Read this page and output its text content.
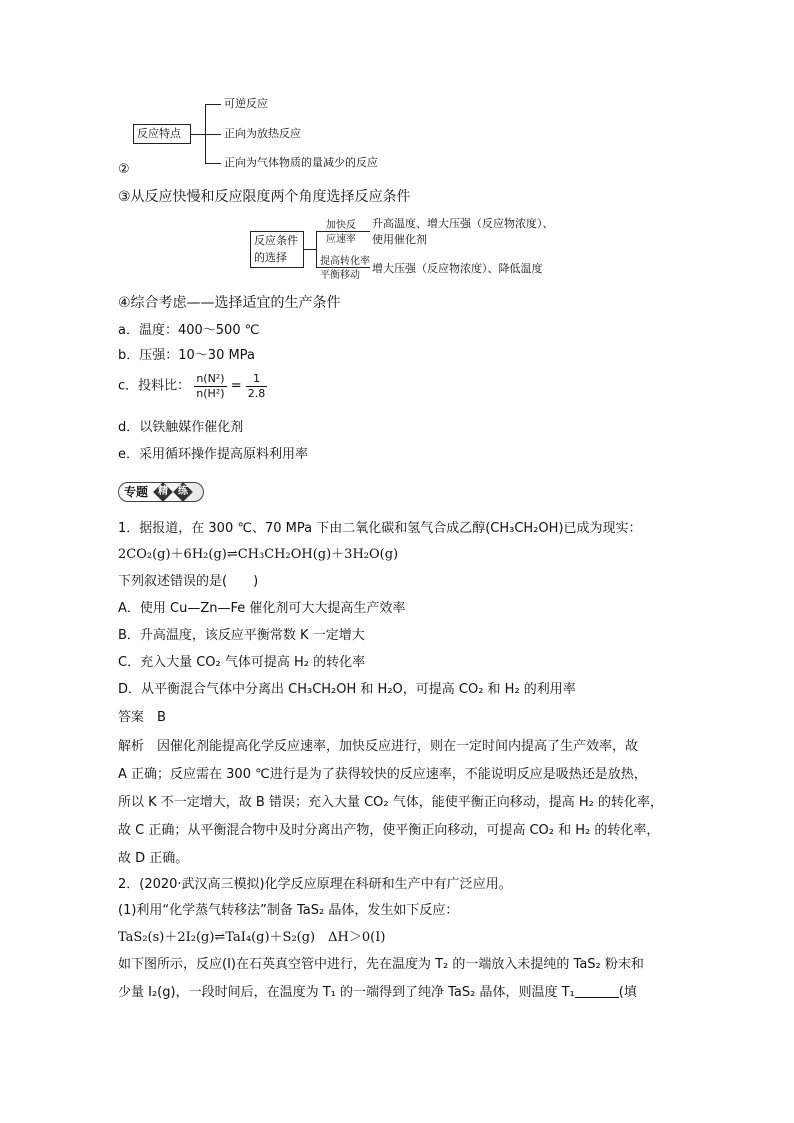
反应特点
可逆反应
正向为放热反应
正向为气体物质的量减少的反应
②
③从反应快慢和反应限度两个角度选择反应条件
反应条件
的选择
加快反
应速率
提高转化率
平衡移动
升高温度、增大压强（反应物浓度）、
使用催化剂
增大压强（反应物浓度）、降低温度
④综合考虑——选择适宜的生产条件
a．温度：400～500 ℃
b．压强：10～30 MPa
c．投料比： $\frac{\text{n(N²)}}{\text{n(H²)}} = \frac{1}{2.8}$
d．以铁触媒作催化剂
e．采用循环操作提高原料利用率
专题 精 练
1．据报道，在 300 ℃、70 MPa 下由二氧化碳和氢气合成乙醇(CH₃CH₂OH)已成为现实：
2CO₂(g)＋6H₂(g)⇌CH₃CH₂OH(g)＋3H₂O(g)
下列叙述错误的是(　　)
A．使用 Cu—Zn—Fe 催化剂可大大提高生产效率
B．升高温度，该反应平衡常数 K 一定增大
C．充入大量 CO₂ 气体可提高 H₂ 的转化率
D．从平衡混合气体中分离出 CH₃CH₂OH 和 H₂O，可提高 CO₂ 和 H₂ 的利用率
答案　B
解析　因催化剂能提高化学反应速率，加快反应进行，则在一定时间内提高了生产效率，故
A 正确；反应需在 300 ℃进行是为了获得较快的反应速率，不能说明反应是吸热还是放热，
所以 K 不一定增大，故 B 错误；充入大量 CO₂ 气体，能使平衡正向移动，提高 H₂ 的转化率，
故 C 正确；从平衡混合物中及时分离出产物，使平衡正向移动，可提高 CO₂ 和 H₂ 的转化率，
故 D 正确。
2．(2020·武汉高三模拟)化学反应原理在科研和生产中有广泛应用。
(1)利用“化学蒸气转移法”制备 TaS₂ 晶体，发生如下反应：
TaS₂(s)＋2I₂(g)⇌TaI₄(g)＋S₂(g)　ΔH＞0(Ⅰ)
如下图所示，反应(Ⅰ)在石英真空管中进行，先在温度为 T₂ 的一端放入未提纯的 TaS₂ 粉末和
少量 I₂(g)，一段时间后，在温度为 T₁ 的一端得到了纯净 TaS₂ 晶体，则温度 T₁	(填
